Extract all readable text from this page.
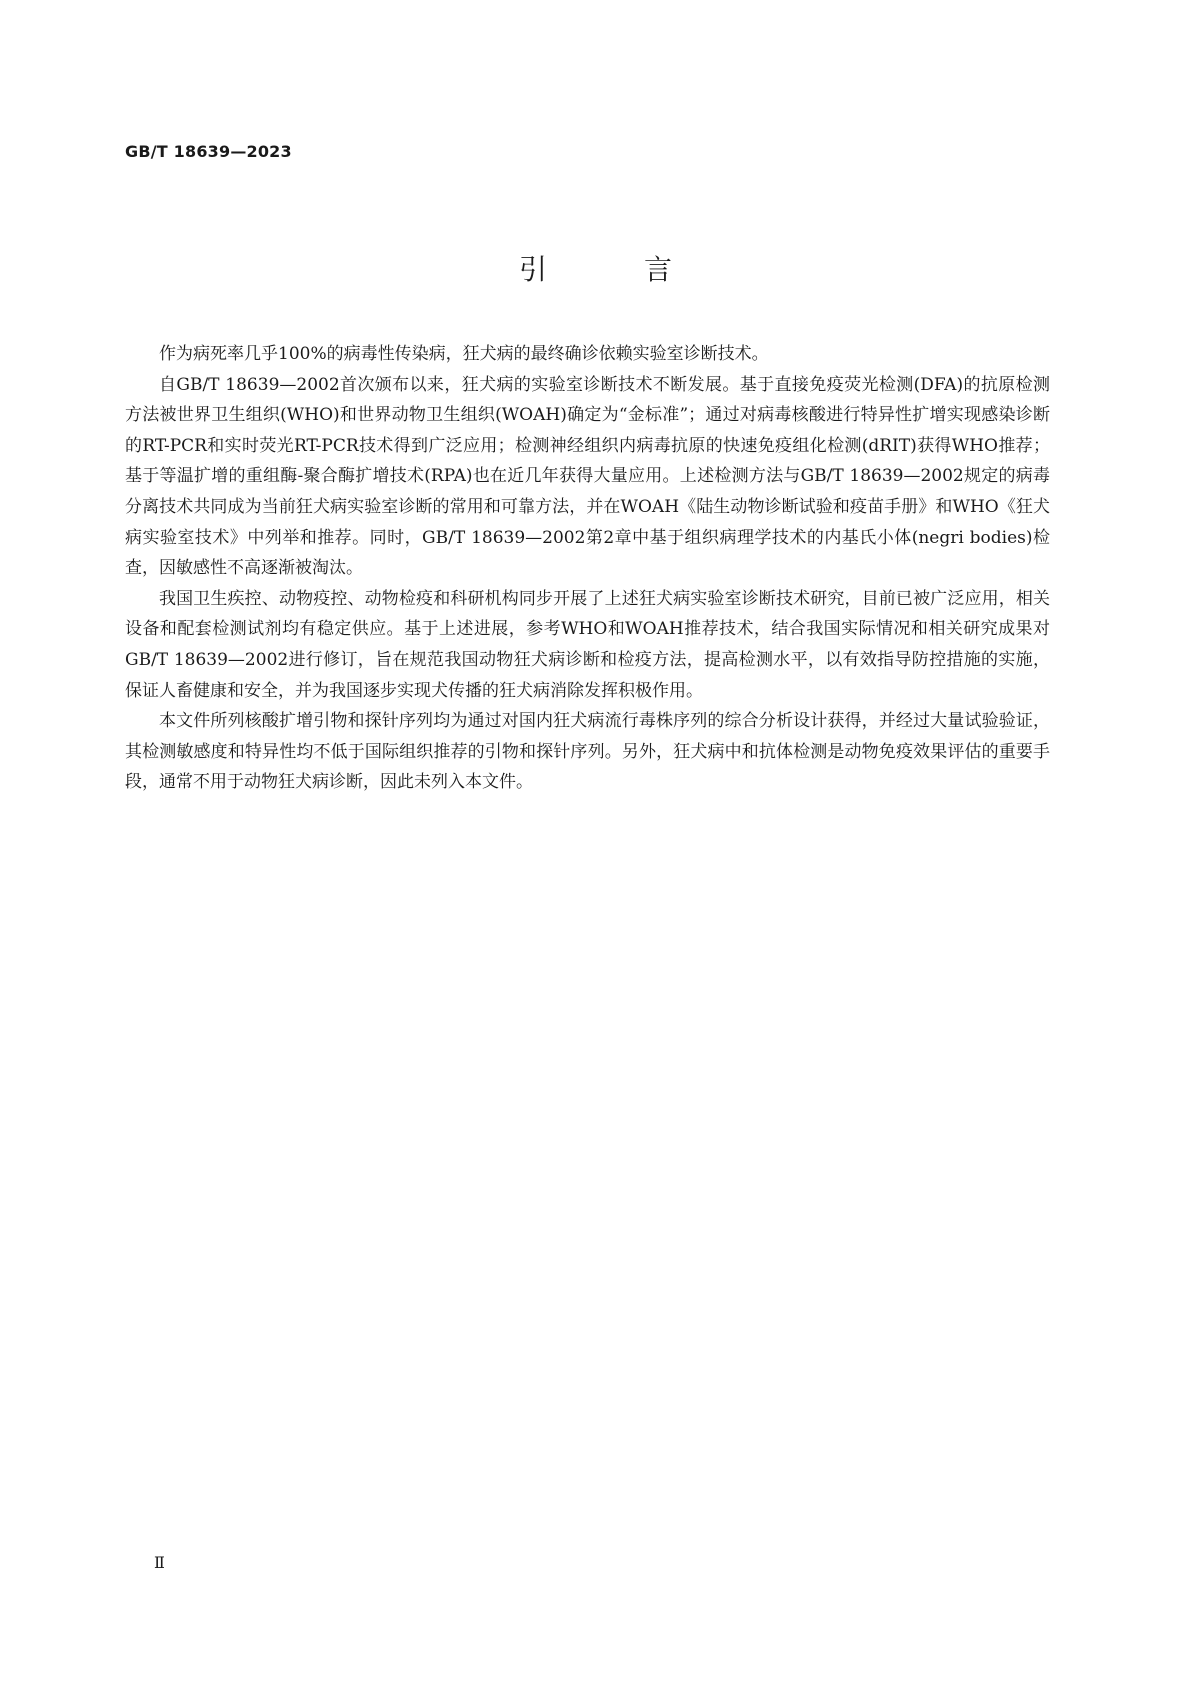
GB/T 18639—2023
引 言

作为病死率几乎100%的病毒性传染病，狂犬病的最终确诊依赖实验室诊断技术。

自GB/T 18639—2002首次颁布以来，狂犬病的实验室诊断技术不断发展。基于直接免疫荧光检测(DFA)的抗原检测方法被世界卫生组织(WHO)和世界动物卫生组织(WOAH)确定为“金标准”；通过对病毒核酸进行特异性扩增实现感染诊断的RT-PCR和实时荧光RT-PCR技术得到广泛应用；检测神经组织内病毒抗原的快速免疫组化检测(dRIT)获得WHO推荐；基于等温扩增的重组酶-聚合酶扩增技术(RPA)也在近几年获得大量应用。上述检测方法与GB/T 18639—2002规定的病毒分离技术共同成为当前狂犬病实验室诊断的常用和可靠方法，并在WOAH《陆生动物诊断试验和疫苗手册》和WHO《狂犬病实验室技术》中列举和推荐。同时，GB/T 18639—2002第2章中基于组织病理学技术的内基氏小体(negri bodies)检查，因敏感性不高逐渐被淘汰。

我国卫生疾控、动物疫控、动物检疫和科研机构同步开展了上述狂犬病实验室诊断技术研究，目前已被广泛应用，相关设备和配套检测试剂均有稳定供应。基于上述进展，参考WHO和WOAH推荐技术，结合我国实际情况和相关研究成果对GB/T 18639—2002进行修订，旨在规范我国动物狂犬病诊断和检疫方法，提高检测水平，以有效指导防控措施的实施，保证人畜健康和安全，并为我国逐步实现犬传播的狂犬病消除发挥积极作用。

本文件所列核酸扩增引物和探针序列均为通过对国内狂犬病流行毒株序列的综合分析设计获得，并经过大量试验验证，其检测敏感度和特异性均不低于国际组织推荐的引物和探针序列。另外，狂犬病中和抗体检测是动物免疫效果评估的重要手段，通常不用于动物狂犬病诊断，因此未列入本文件。

Ⅱ
